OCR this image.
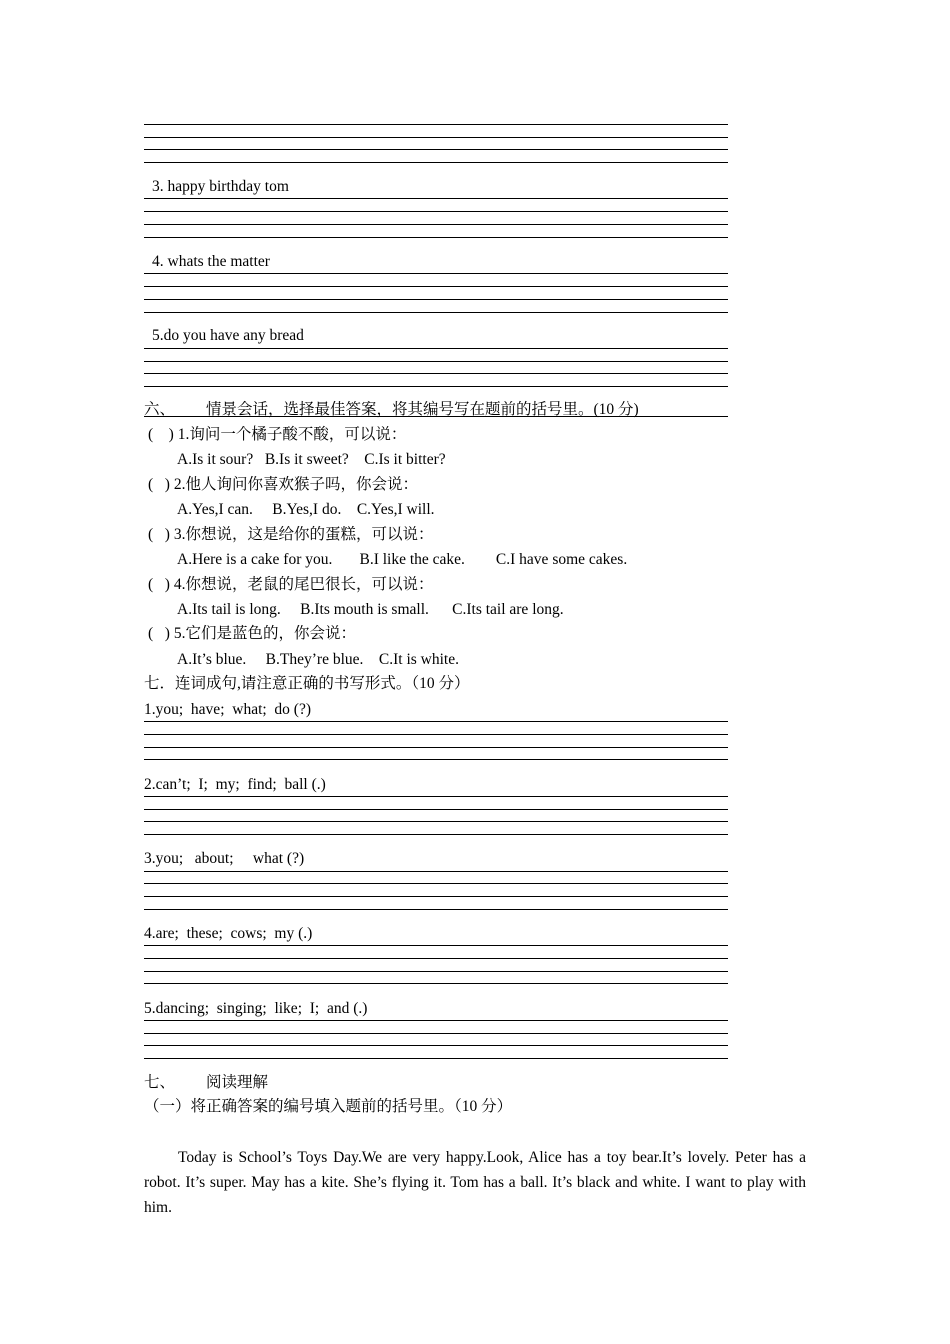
3. happy birthday tom
4. whats the matter
5.do you have any bread
六、        情景会话，选择最佳答案，将其编号写在题前的括号里。(10 分)
(    ) 1.询问一个橘子酸不酸，可以说：
A.Is it sour?   B.Is it sweet?    C.Is it bitter?
(   ) 2.他人询问你喜欢猴子吗，你会说：
A.Yes,I can.     B.Yes,I do.    C.Yes,I will.
(   ) 3.你想说，这是给你的蛋糕，可以说：
A.Here is a cake for you.       B.I like the cake.        C.I have some cakes.
(   ) 4.你想说，老鼠的尾巴很长，可以说：
A.Its tail is long.     B.Its mouth is small.      C.Its tail are long.
(   ) 5.它们是蓝色的，你会说：
A.It’s blue.     B.They’re blue.    C.It is white.
七．连词成句,请注意正确的书写形式。（10 分）
1.you;  have;  what;  do (?)
2.can’t;  I;  my;  find;  ball (.)
3.you;   about;     what (?)
4.are;  these;  cows;  my (.)
5.dancing;  singing;  like;  I;  and (.)
七、        阅读理解
（一）将正确答案的编号填入题前的括号里。（10 分）
Today is School’s Toys Day.We are very happy.Look, Alice has a toy bear.It’s lovely. Peter has a robot. It’s super. May has a kite. She’s flying it. Tom has a ball. It’s black and white. I want to play with him.
